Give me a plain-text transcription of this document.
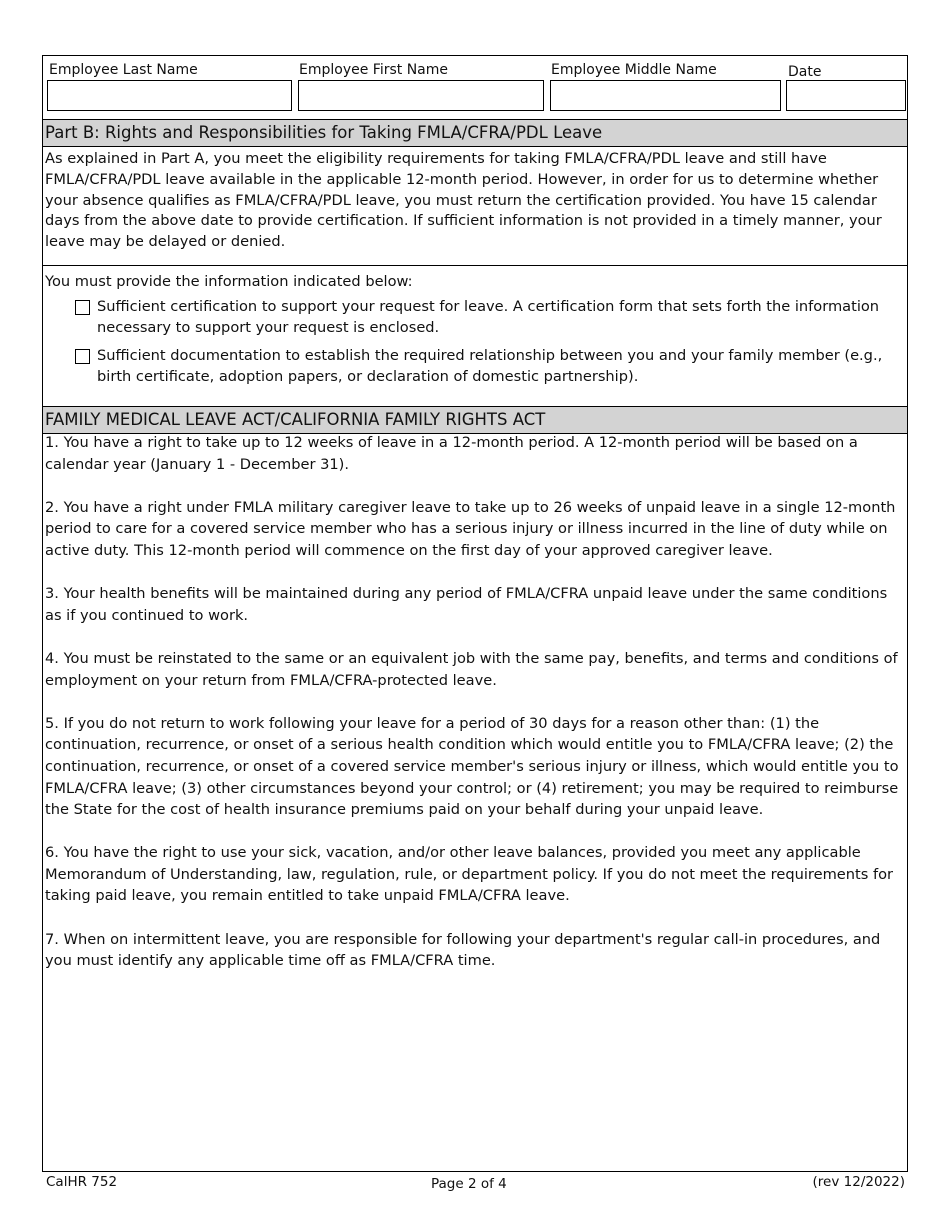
Employee Last Name	Employee First Name	Employee Middle Name	Date
Part B: Rights and Responsibilities for Taking FMLA/CFRA/PDL Leave
As explained in Part A, you meet the eligibility requirements for taking FMLA/CFRA/PDL leave and still have FMLA/CFRA/PDL leave available in the applicable 12-month period. However, in order for us to determine whether your absence qualifies as FMLA/CFRA/PDL leave, you must return the certification provided. You have 15 calendar days from the above date to provide certification. If sufficient information is not provided in a timely manner, your leave may be delayed or denied.
You must provide the information indicated below:
Sufficient certification to support your request for leave. A certification form that sets forth the information necessary to support your request is enclosed.
Sufficient documentation to establish the required relationship between you and your family member (e.g., birth certificate, adoption papers, or declaration of domestic partnership).
FAMILY MEDICAL LEAVE ACT/CALIFORNIA FAMILY RIGHTS ACT

1. You have a right to take up to 12 weeks of leave in a 12-month period. A 12-month period will be based on a calendar year (January 1 - December 31).

2. You have a right under FMLA military caregiver leave to take up to 26 weeks of unpaid leave in a single 12-month period to care for a covered service member who has a serious injury or illness incurred in the line of duty while on active duty. This 12-month period will commence on the first day of your approved caregiver leave.

3. Your health benefits will be maintained during any period of FMLA/CFRA unpaid leave under the same conditions as if you continued to work.

4. You must be reinstated to the same or an equivalent job with the same pay, benefits, and terms and conditions of employment on your return from FMLA/CFRA-protected leave.

5. If you do not return to work following your leave for a period of 30 days for a reason other than: (1) the continuation, recurrence, or onset of a serious health condition which would entitle you to FMLA/CFRA leave; (2) the continuation, recurrence, or onset of a covered service member's serious injury or illness, which would entitle you to FMLA/CFRA leave; (3) other circumstances beyond your control; or (4) retirement; you may be required to reimburse the State for the cost of health insurance premiums paid on your behalf during your unpaid leave.

6. You have the right to use your sick, vacation, and/or other leave balances, provided you meet any applicable Memorandum of Understanding, law, regulation, rule, or department policy. If you do not meet the requirements for taking paid leave, you remain entitled to take unpaid FMLA/CFRA leave.

7. When on intermittent leave, you are responsible for following your department's regular call-in procedures, and you must identify any applicable time off as FMLA/CFRA time.

CalHR 752	Page 2 of 4	(rev 12/2022)
